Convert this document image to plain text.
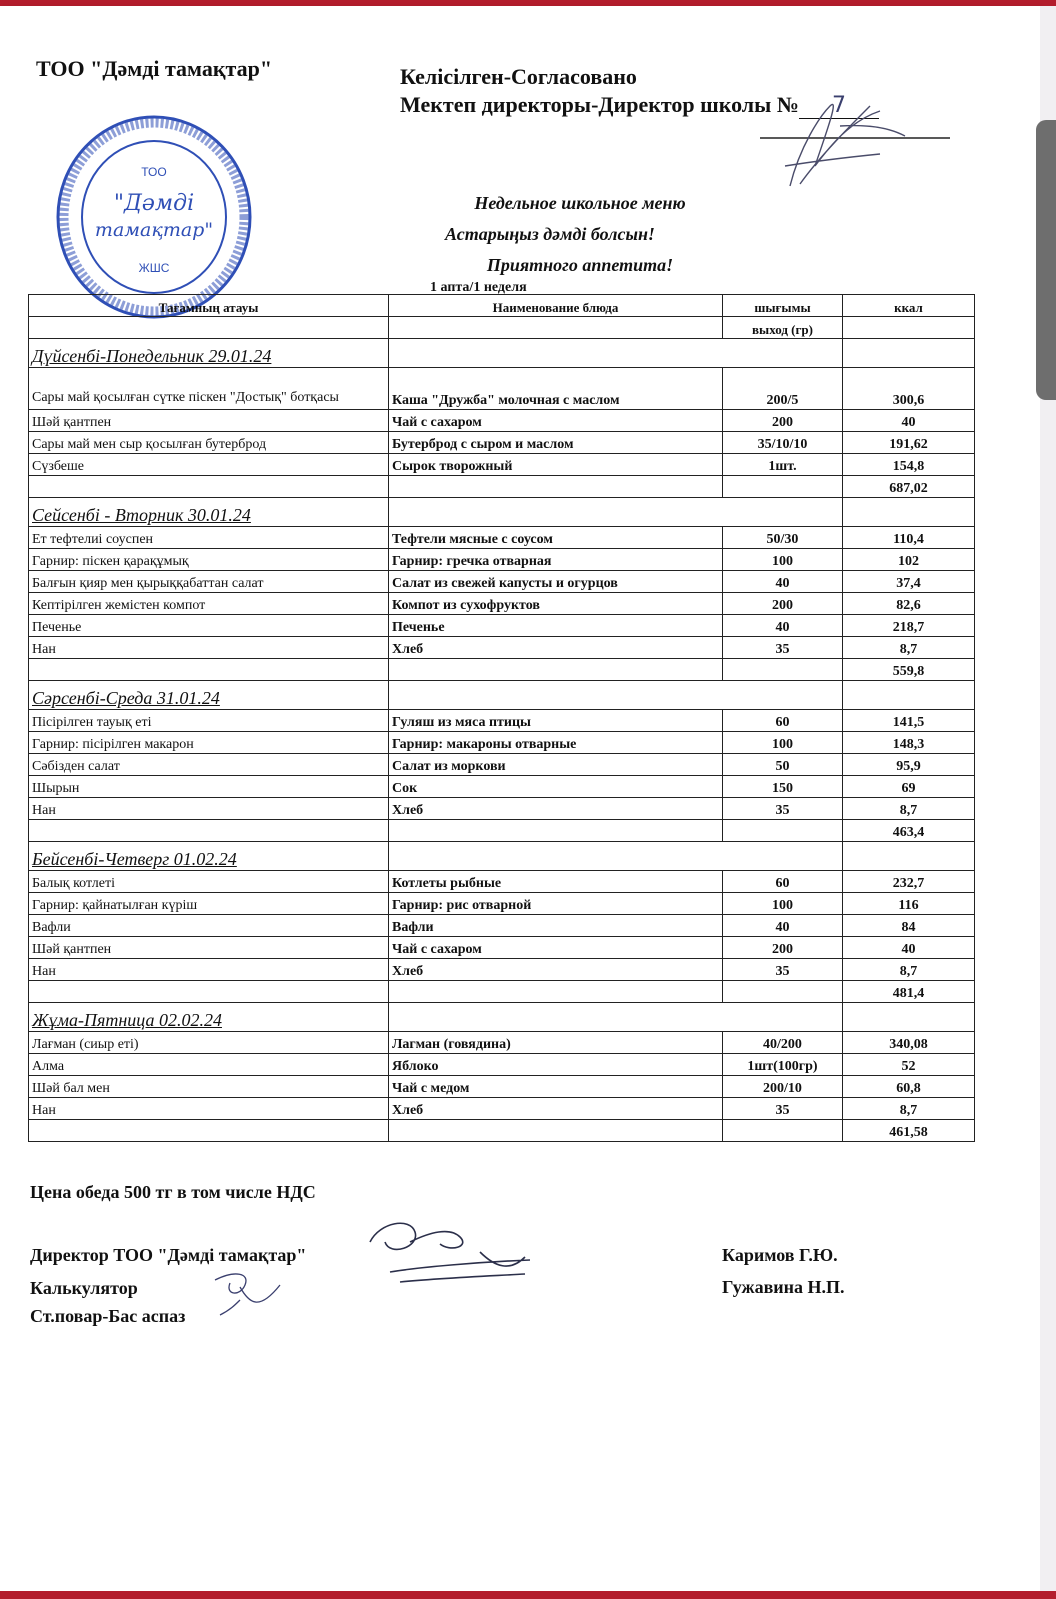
ТОО "Дәмді тамақтар"	Келісілген-Согласовано
Мектеп директоры-Директор школы № 7
ТОО
"Дәмді
тамақтар"
ЖШС
Недельное школьное меню
Астарыңыз дәмді болсын!
Приятного аппетита!
1 апта/1 неделя
Тағамның атауы	Наименование блюда	шығымы	ккал
		выход (гр)	
Дүйсенбі-Понедельник 29.01.24			
Сары май қосылған сүтке піскен "Достық" ботқасы	Каша "Дружба" молочная с маслом	200/5	300,6
Шәй қантпен	Чай с сахаром	200	40
Сары май мен сыр қосылған бутерброд	Бутерброд с сыром и маслом	35/10/10	191,62
Сүзбеше	Сырок творожный	1шт.	154,8
			687,02
Сейсенбі - Вторник 30.01.24			
Ет тефтелиі соуспен	Тефтели мясные с соусом	50/30	110,4
Гарнир: піскен қарақұмық	Гарнир: гречка отварная	100	102
Балғын қияр мен қырыққабаттан салат	Салат из свежей капусты и огурцов	40	37,4
Кептірілген жемістен компот	Компот из сухофруктов	200	82,6
Печенье	Печенье	40	218,7
Нан	Хлеб	35	8,7
			559,8
Сәрсенбі-Среда 31.01.24			
Пісірілген тауық еті	Гуляш из мяса птицы	60	141,5
Гарнир: пісірілген макарон	Гарнир: макароны отварные	100	148,3
Сәбізден салат	Салат из моркови	50	95,9
Шырын	Сок	150	69
Нан	Хлеб	35	8,7
			463,4
Бейсенбі-Четверг 01.02.24			
Балық котлеті	Котлеты рыбные	60	232,7
Гарнир: қайнатылған күріш	Гарнир: рис отварной	100	116
Вафли	Вафли	40	84
Шәй қантпен	Чай с сахаром	200	40
Нан	Хлеб	35	8,7
			481,4
Жұма-Пятница 02.02.24			
Лағман (сиыр еті)	Лагман (говядина)	40/200	340,08
Алма	Яблоко	1шт(100гр)	52
Шәй бал мен	Чай с медом	200/10	60,8
Нан	Хлеб	35	8,7
			461,58
Цена обеда 500 тг в том числе НДС
Директор ТОО "Дәмді тамақтар"
Калькулятор
Ст.повар-Бас аспаз
Каримов Г.Ю.
Гужавина Н.П.
